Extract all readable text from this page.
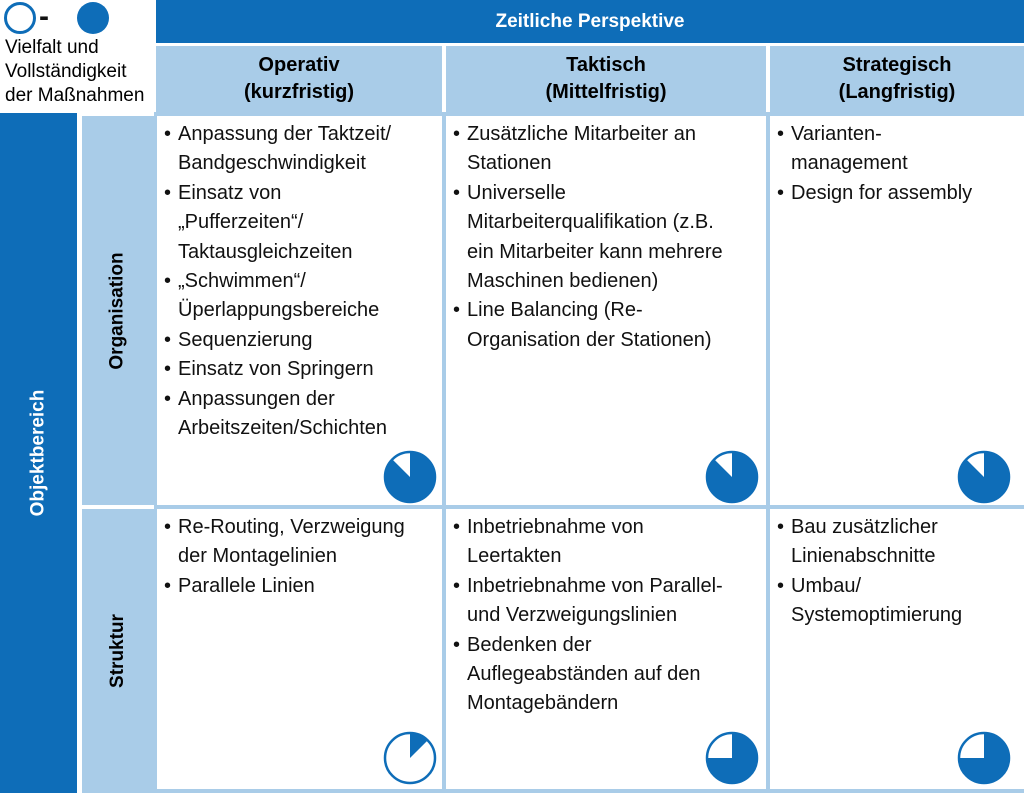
-
Vielfalt und
Vollständigkeit
der Maßnahmen
Zeitliche Perspektive
Operativ
(kurzfristig)
Taktisch
(Mittelfristig)
Strategisch
(Langfristig)
Objektbereich
Organisation
Struktur
• Anpassung der Taktzeit/
Bandgeschwindigkeit
• Einsatz von
„Pufferzeiten“/
Taktausgleichzeiten
• „Schwimmen“/
Üperlappungsbereiche
• Sequenzierung
• Einsatz von Springern
• Anpassungen der
Arbeitszeiten/Schichten
• Zusätzliche Mitarbeiter an
Stationen
• Universelle
Mitarbeiterqualifikation (z.B.
ein Mitarbeiter kann mehrere
Maschinen bedienen)
• Line Balancing (Re-
Organisation der Stationen)
• Varianten-
management
• Design for assembly
• Re-Routing, Verzweigung
der Montagelinien
• Parallele Linien
• Inbetriebnahme von
Leertakten
• Inbetriebnahme von Parallel-
und Verzweigungslinien
• Bedenken der
Auflegeabständen auf den
Montagebändern
• Bau zusätzlicher
Linienabschnitte
• Umbau/
Systemoptimierung
